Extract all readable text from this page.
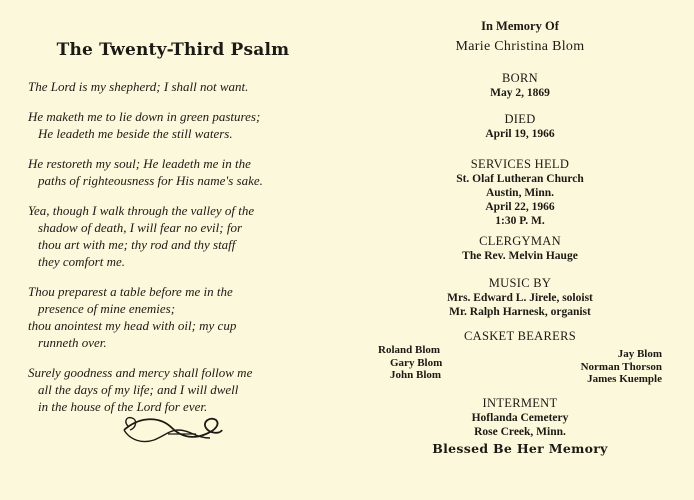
The Twenty-Third Psalm
The Lord is my shepherd; I shall not want.
He maketh me to lie down in green pastures;
He leadeth me beside the still waters.
He restoreth my soul; He leadeth me in the
paths of righteousness for His name's sake.
Yea, though I walk through the valley of the
shadow of death, I will fear no evil; for
thou art with me; thy rod and thy staff
they comfort me.
Thou preparest a table before me in the
presence of mine enemies;
thou anointest my head with oil; my cup
runneth over.
Surely goodness and mercy shall follow me
all the days of my life; and I will dwell
in the house of the Lord for ever.

In Memory Of

Marie Christina Blom

BORN

May 2, 1869

DIED

April 19, 1966

SERVICES HELD

St. Olaf Lutheran Church

Austin, Minn.

April 22, 1966

1:30 P. M.

CLERGYMAN

The Rev. Melvin Hauge

MUSIC BY

Mrs. Edward L. Jirele, soloist

Mr. Ralph Harnesk, organist

CASKET BEARERS

Roland Blom	Jay Blom
Gary Blom	Norman Thorson
John Blom	James Kuemple

INTERMENT

Hoflanda Cemetery

Rose Creek, Minn.

Blessed Be Her Memory
